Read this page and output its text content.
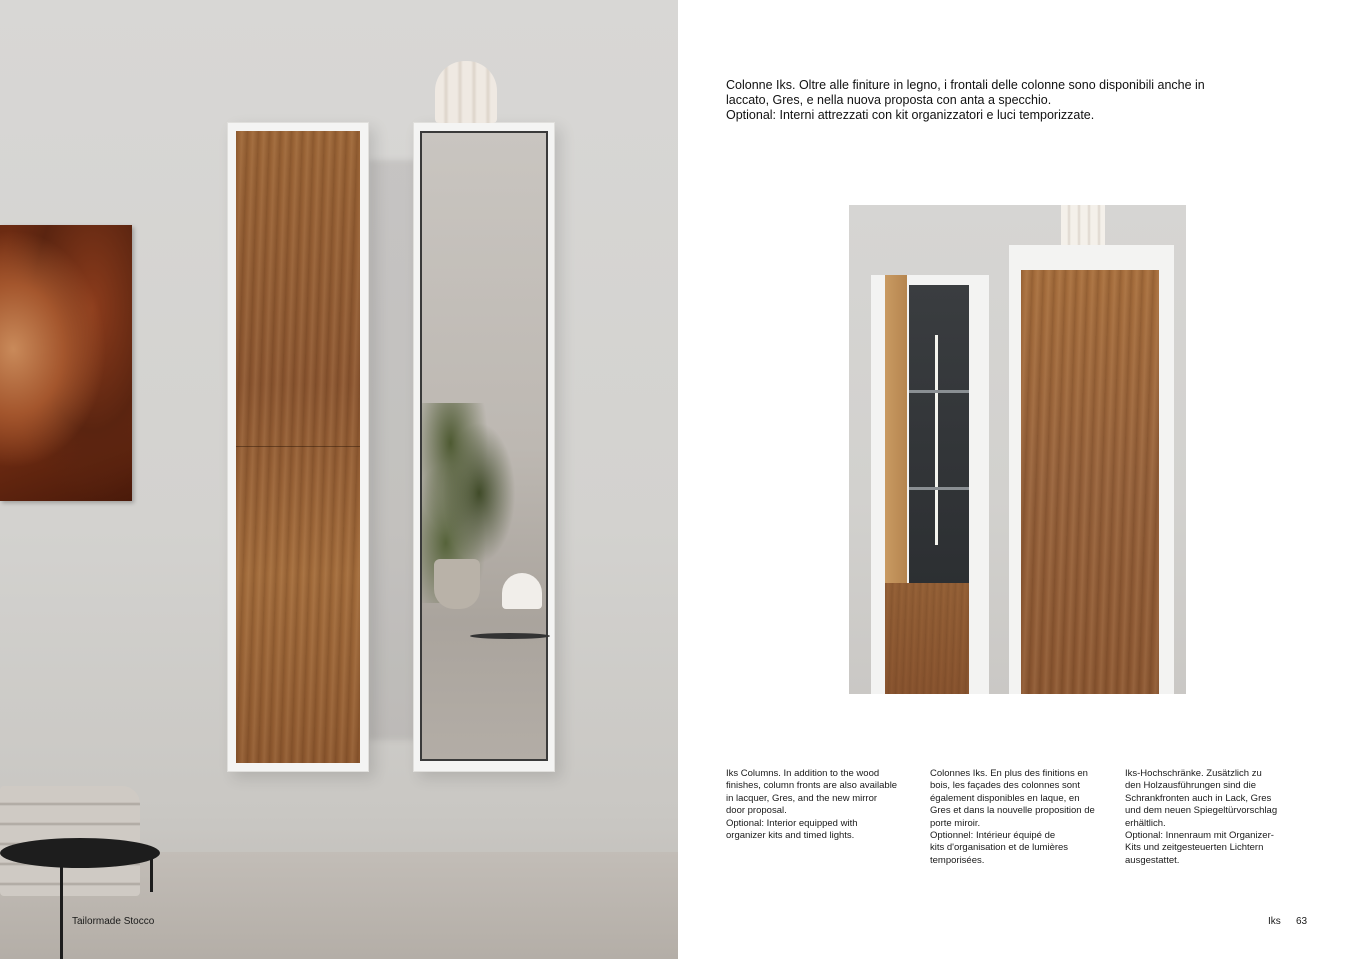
Tailormade Stocco

Colonne Iks. Oltre alle finiture in legno, i frontali delle colonne sono disponibili anche in

laccato, Gres, e nella nuova proposta con anta a specchio.

Optional: Interni attrezzati con kit organizzatori e luci temporizzate.

Iks Columns. In addition to the wood

finishes, column fronts are also available

in lacquer, Gres, and the new mirror

door proposal.

Optional: Interior equipped with

organizer kits and timed lights.

Colonnes Iks. En plus des finitions en

bois, les façades des colonnes sont

également disponibles en laque, en

Gres et dans la nouvelle proposition de

porte miroir.

Optionnel: Intérieur équipé de

kits d'organisation et de lumières

temporisées.

Iks-Hochschränke. Zusätzlich zu

den Holzausführungen sind die

Schrankfronten auch in Lack, Gres

und dem neuen Spiegeltürvorschlag

erhältlich.

Optional: Innenraum mit Organizer-

Kits und zeitgesteuerten Lichtern

ausgestattet.

Iks 63
